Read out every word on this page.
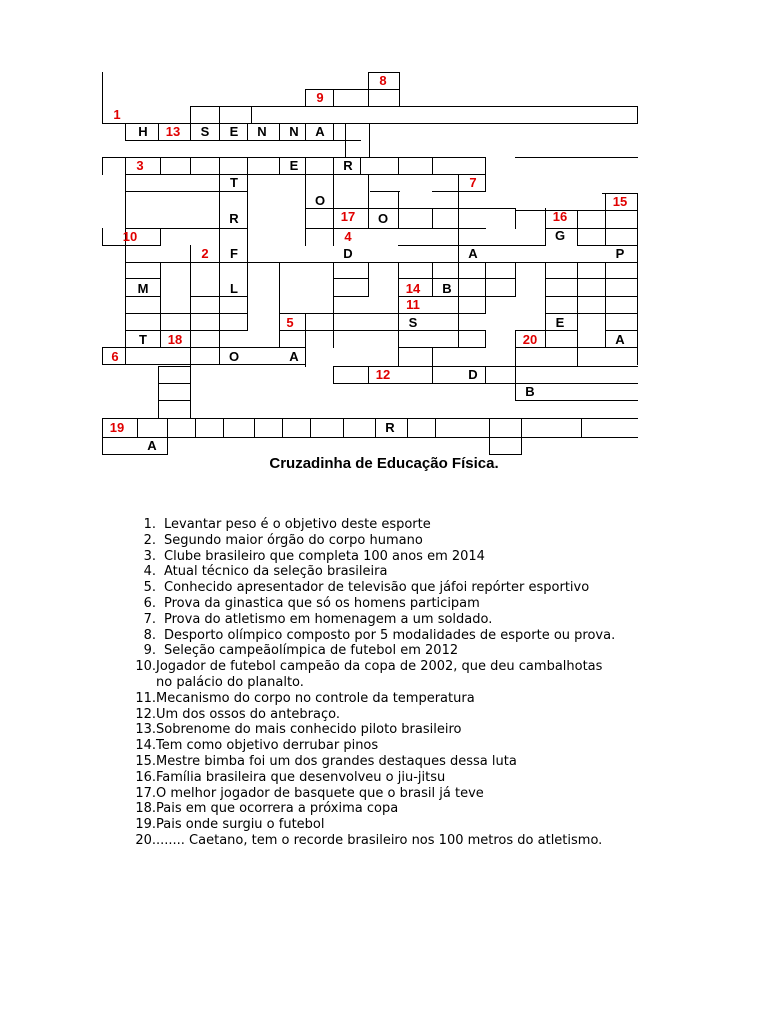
8
9
1
13
3
7
15
17	16
10	4
2
14
11
5
20
18
6
12
19
H	S	E	N	N	A
E	R
T
O
R	O
G
F	D	A	P
M	L	B
S	E
T	A
O	A
D
B
R
A
Cruzadinha de Educação Física.
1. Levantar peso é o objetivo deste esporte
2. Segundo maior órgão do corpo humano
3. Clube brasileiro que completa 100 anos em 2014
4. Atual técnico da seleção brasileira
5. Conhecido apresentador de televisão que jáfoi repórter esportivo
6. Prova da ginastica que só os homens participam
7. Prova do atletismo em homenagem a um soldado.
8. Desporto olímpico composto por 5 modalidades de esporte ou prova.
9. Seleção campeãolímpica de futebol em 2012
10. Jogador de futebol campeão da copa de 2002, que deu cambalhotas
no palácio do planalto.
11. Mecanismo do corpo no controle da temperatura
12. Um dos ossos do antebraço.
13. Sobrenome do mais conhecido piloto brasileiro
14. Tem como objetivo derrubar pinos
15. Mestre bimba foi um dos grandes destaques dessa luta
16. Família brasileira que desenvolveu o jiu-jitsu
17. O melhor jogador de basquete que o brasil já teve
18. Pais em que ocorrera a próxima copa
19. Pais onde surgiu o futebol
20. ....... Caetano, tem o recorde brasileiro nos 100 metros do atletismo.
